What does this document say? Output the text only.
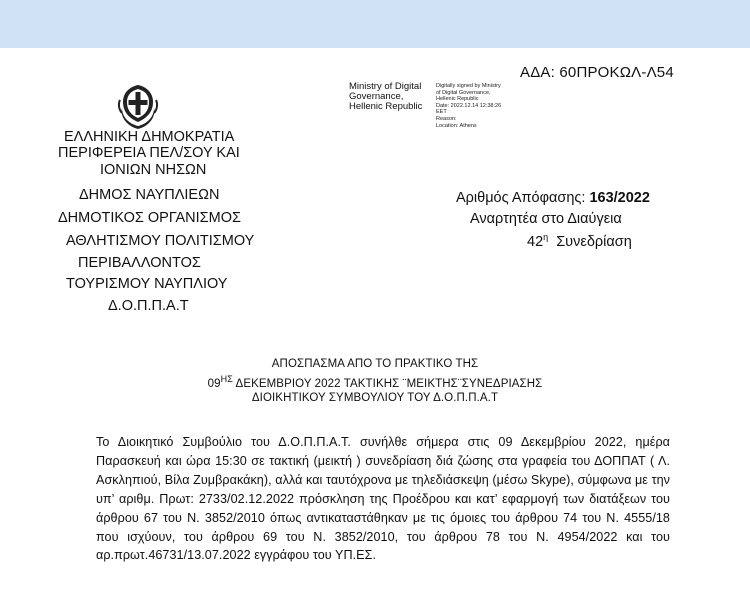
ΑΔΑ: 60ΠΡΟΚΩΛ-Λ54
Ministry of Digital
Governance,
Hellenic Republic
Digitally signed by Ministry
of Digital Governance,
Hellenic Republic
Date: 2022.12.14 12:38:26
EET
Reason:
Location: Athens
ΕΛΛΗΝΙΚΗ ΔΗΜΟΚΡΑΤΙΑ
ΠΕΡΙΦΕΡΕΙΑ ΠΕΛ/ΣΟΥ ΚΑΙ
ΙΟΝΙΩΝ ΝΗΣΩΝ
ΔΗΜΟΣ ΝΑΥΠΛΙΕΩΝ
ΔΗΜΟΤΙΚΟΣ ΟΡΓΑΝΙΣΜΟΣ
ΑΘΛΗΤΙΣΜΟΥ ΠΟΛΙΤΙΣΜΟΥ
ΠΕΡΙΒΑΛΛΟΝΤΟΣ
ΤΟΥΡΙΣΜΟΥ ΝΑΥΠΛΙΟΥ
Δ.Ο.Π.Π.Α.Τ
Αριθμός Απόφασης: 163/2022
Αναρτητέα στο Διαύγεια
$42^\eta$ Συνεδρίαση
ΑΠΟΣΠΑΣΜΑ ΑΠΟ ΤΟ ΠΡΑΚΤΙΚΟ ΤΗΣ
$09^{H\Sigma}$ ΔΕΚΕΜΒΡΙΟΥ 2022 ΤΑΚΤΙΚΗΣ ¨ΜΕΙΚΤΗΣ¨ΣΥΝΕΔΡΙΑΣΗΣ
ΔΙΟΙΚΗΤΙΚΟΥ ΣΥΜΒΟΥΛΙΟΥ ΤΟΥ Δ.Ο.Π.Π.Α.Τ
Το Διοικητικό Συμβούλιο του Δ.Ο.Π.Π.Α.Τ. συνήλθε σήμερα στις 09 Δεκεμβρίου 2022, ημέρα Παρασκευή και ώρα 15:30 σε τακτική (μεικτή ) συνεδρίαση διά ζώσης στα γραφεία του ΔΟΠΠΑΤ ( Λ. Ασκληπιού, Βίλα Ζυμβρακάκη), αλλά και ταυτόχρονα με τηλεδιάσκεψη (μέσω Skype), σύμφωνα με την υπ’ αριθμ. Πρωτ: 2733/02.12.2022 πρόσκληση της Προέδρου και κατ’ εφαρμογή των διατάξεων του άρθρου 67 του Ν. 3852/2010 όπως αντικαταστάθηκαν με τις όμοιες του άρθρου 74 του Ν. 4555/18 που ισχύουν, του άρθρου 69 του Ν. 3852/2010, του άρθρου 78 του Ν. 4954/2022 και του αρ.πρωτ.46731/13.07.2022 εγγράφου του ΥΠ.ΕΣ.
